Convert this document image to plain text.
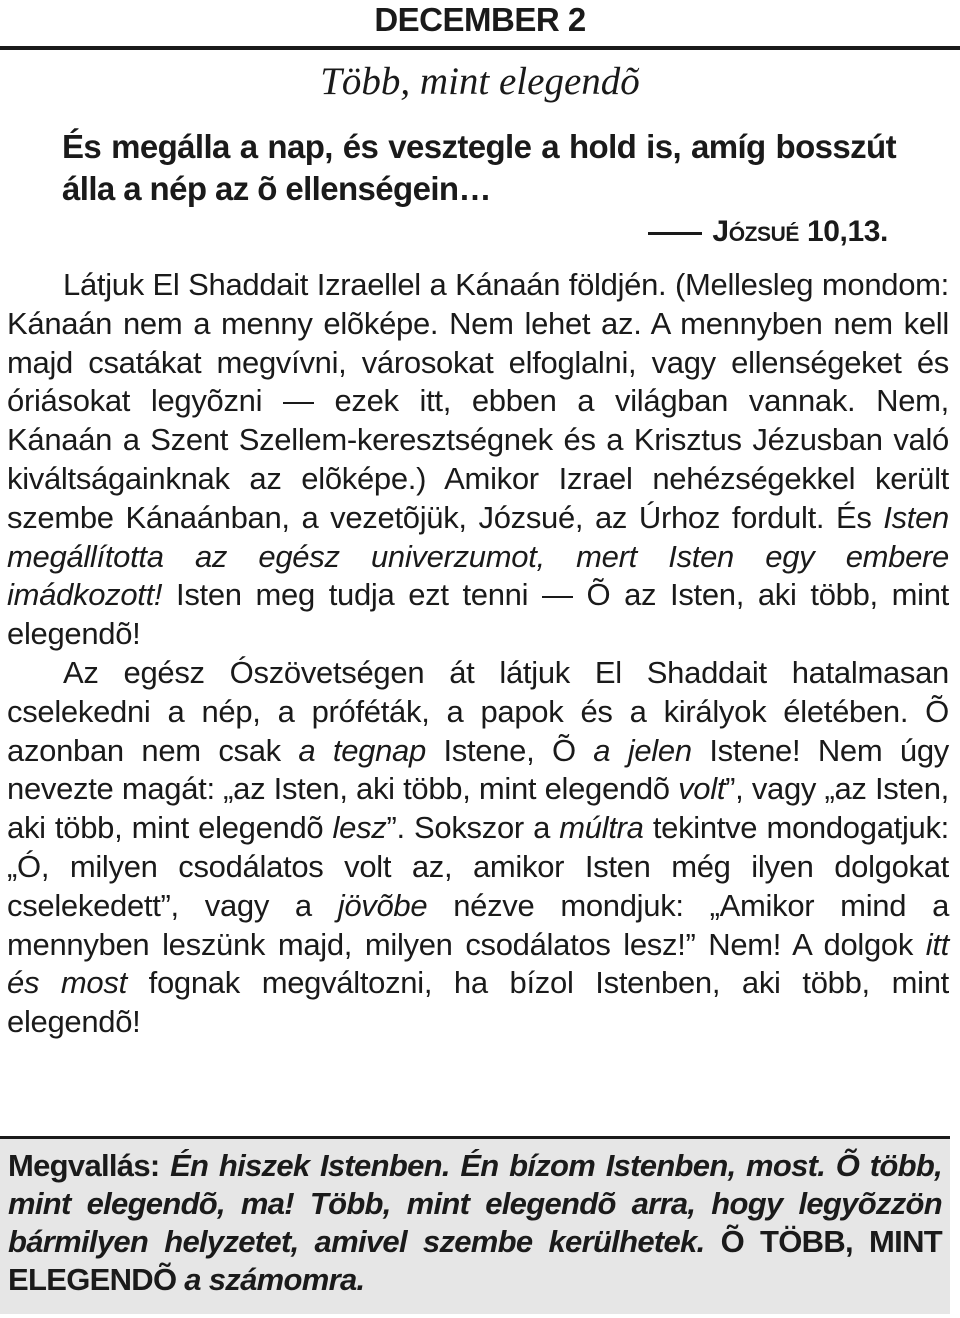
DECEMBER 2
Több, mint elegendõ
És megálla a nap, és vesztegle a hold is, amíg bosszút álla a nép az õ ellenségein…
Józsué 10,13.

Látjuk El Shaddait Izraellel a Kánaán földjén. (Mellesleg mondom: Kánaán nem a menny elõképe. Nem lehet az. A mennyben nem kell majd csatákat megvívni, városokat elfoglalni, vagy ellenségeket és óriásokat legyõzni — ezek itt, ebben a világban vannak. Nem, Kánaán a Szent Szellem-keresztségnek és a Krisztus Jézusban való kiváltságainknak az elõképe.) Amikor Izrael nehézségekkel került szembe Kánaánban, a vezetõjük, Józsué, az Úrhoz fordult. És Isten megállította az egész univerzumot, mert Isten egy embere imádkozott! Isten meg tudja ezt tenni — Õ az Isten, aki több, mint elegendõ!

Az egész Ószövetségen át látjuk El Shaddait hatalmasan cselekedni a nép, a próféták, a papok és a királyok életében. Õ azonban nem csak a tegnap Istene, Õ a jelen Istene! Nem úgy nevezte magát: „az Isten, aki több, mint elegendõ volt”, vagy „az Isten, aki több, mint elegendõ lesz”. Sokszor a múltra tekintve mondogatjuk: „Ó, milyen csodálatos volt az, amikor Isten még ilyen dolgokat cselekedett”, vagy a jövõbe nézve mondjuk: „Amikor mind a mennyben leszünk majd, milyen csodálatos lesz!” Nem! A dolgok itt és most fognak megváltozni, ha bízol Istenben, aki több, mint elegendõ!

Megvallás: Én hiszek Istenben. Én bízom Istenben, most. Õ több, mint elegendõ, ma! Több, mint elegendõ arra, hogy legyõzzön bármilyen helyzetet, amivel szembe kerülhetek. Õ TÖBB, MINT ELEGENDÕ a számomra.
